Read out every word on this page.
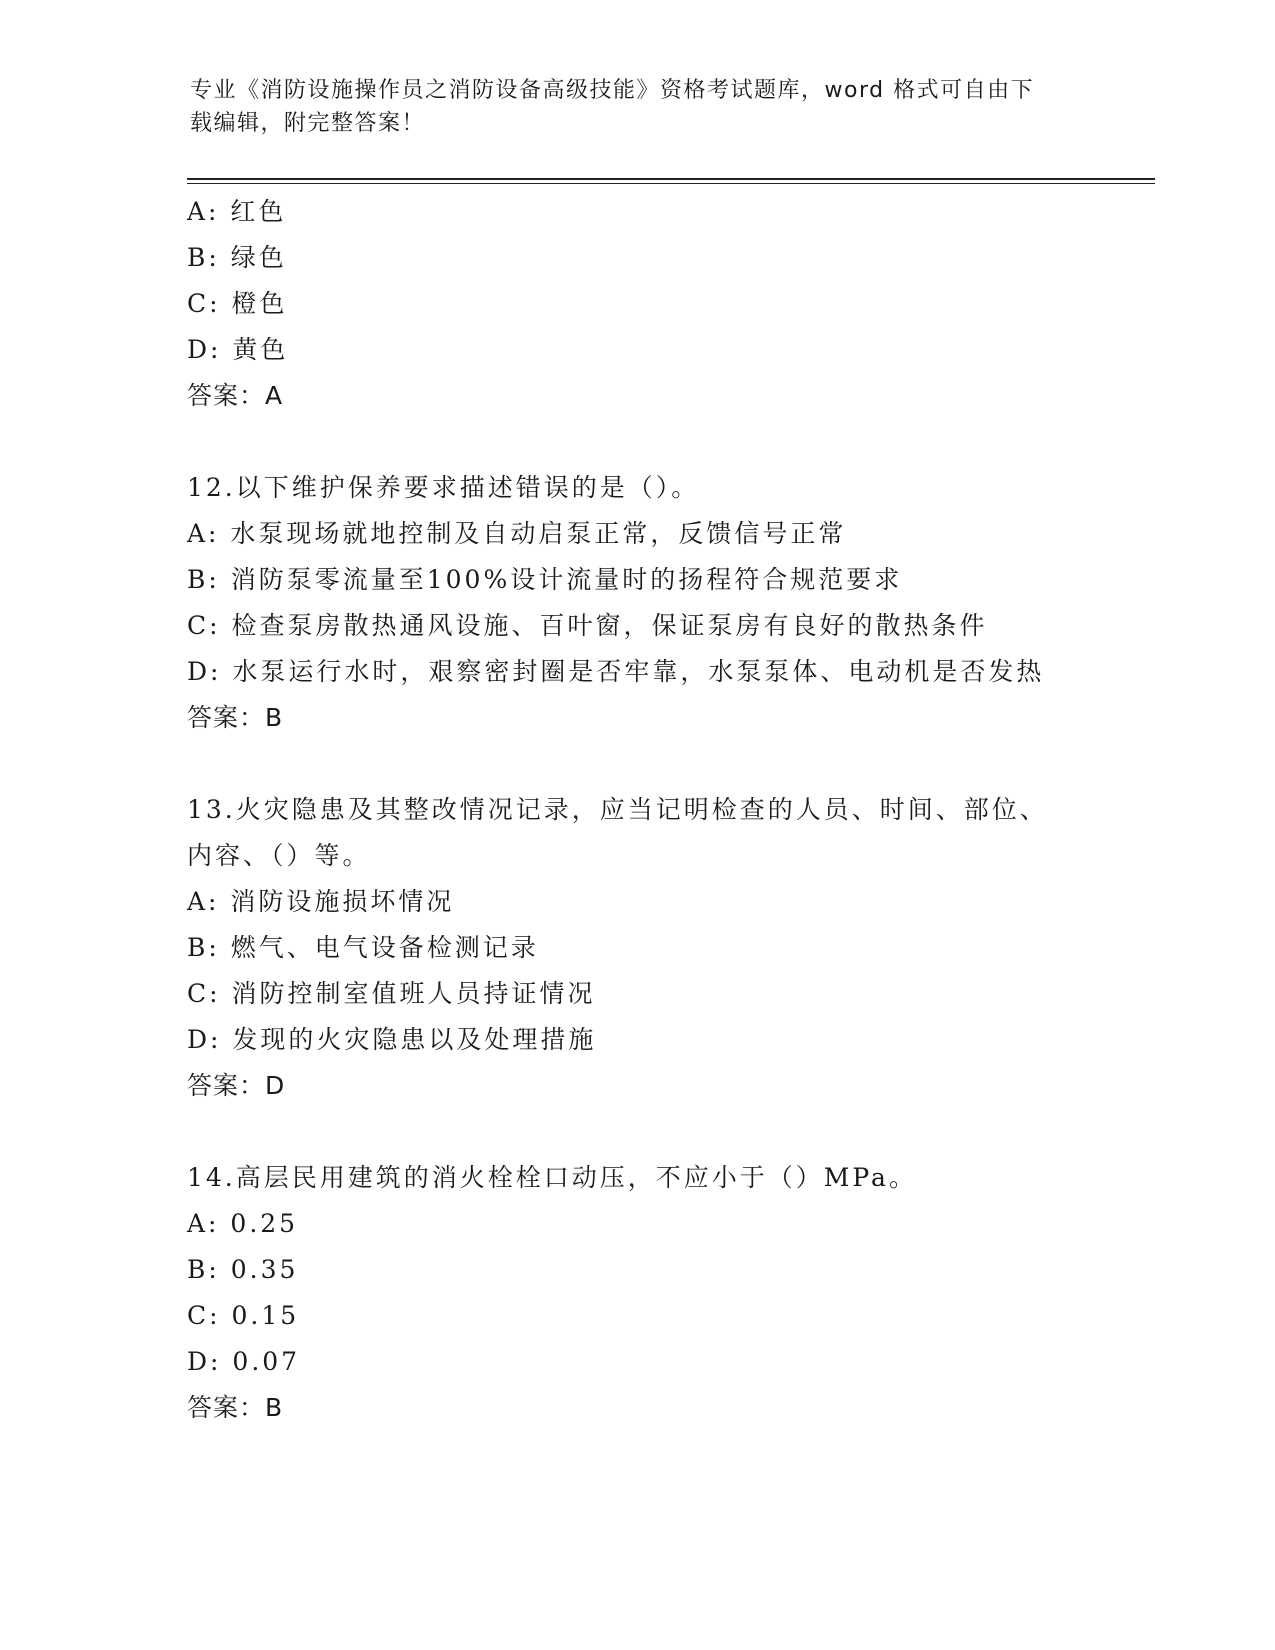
专业《消防设施操作员之消防设备高级技能》资格考试题库，word 格式可自由下
载编辑，附完整答案！
A: 红色
B: 绿色
C: 橙色
D: 黄色
答案：A
12.以下维护保养要求描述错误的是（）。
A: 水泵现场就地控制及自动启泵正常，反馈信号正常
B: 消防泵零流量至100%设计流量时的扬程符合规范要求
C: 检查泵房散热通风设施、百叶窗，保证泵房有良好的散热条件
D: 水泵运行水时，艰察密封圈是否牢靠，水泵泵体、电动机是否发热
答案：B
13.火灾隐患及其整改情况记录，应当记明检查的人员、时间、部位、
内容、（）等。
A: 消防设施损坏情况
B: 燃气、电气设备检测记录
C: 消防控制室值班人员持证情况
D: 发现的火灾隐患以及处理措施
答案：D
14.高层民用建筑的消火栓栓口动压，不应小于（）MPa。
A: 0.25
B: 0.35
C: 0.15
D: 0.07
答案：B
